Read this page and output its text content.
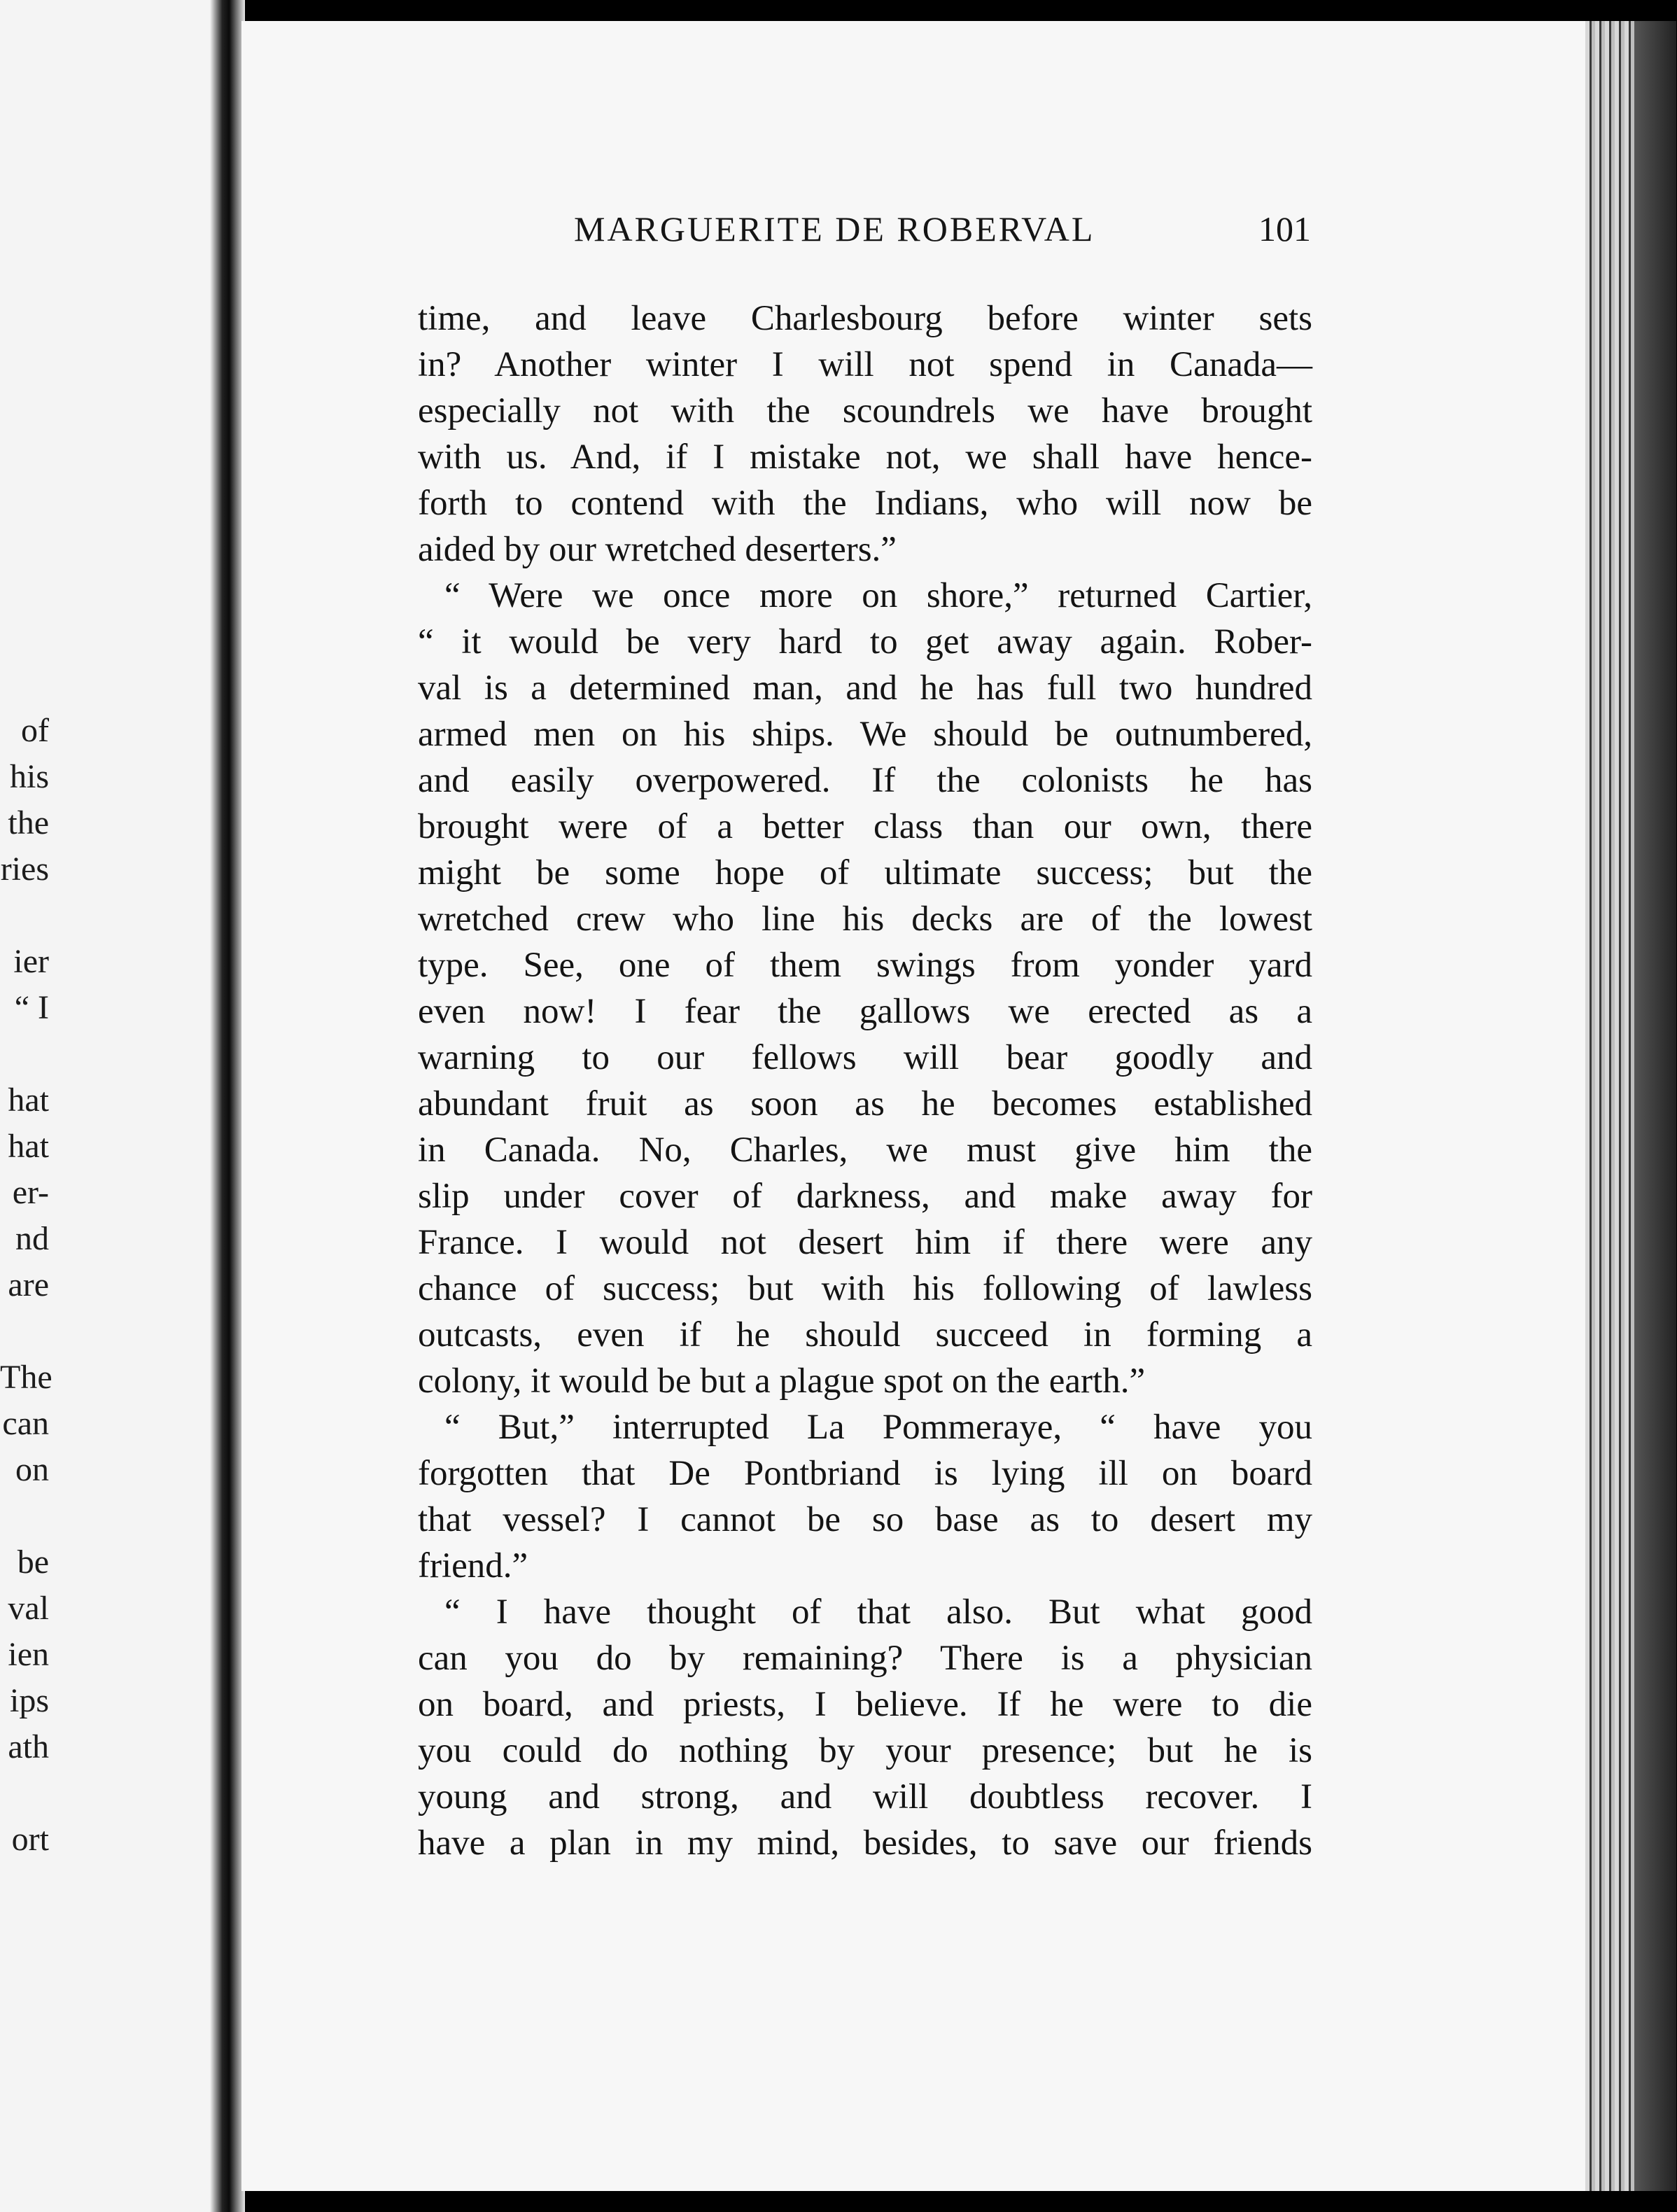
of
his
the
ries
ier
“ I
hat
hat
er-
nd
are
The
can
on
be
val
ien
ips
ath
ort
MARGUERITE DE ROBERVAL	101
time, and leave Charlesbourg before winter sets
in? Another winter I will not spend in Canada—
especially not with the scoundrels we have brought
with us. And, if I mistake not, we shall have hence-
forth to contend with the Indians, who will now be
aided by our wretched deserters.”
“ Were we once more on shore,” returned Cartier,
“ it would be very hard to get away again. Rober-
val is a determined man, and he has full two hundred
armed men on his ships. We should be outnumbered,
and easily overpowered. If the colonists he has
brought were of a better class than our own, there
might be some hope of ultimate success; but the
wretched crew who line his decks are of the lowest
type. See, one of them swings from yonder yard
even now! I fear the gallows we erected as a
warning to our fellows will bear goodly and
abundant fruit as soon as he becomes established
in Canada. No, Charles, we must give him the
slip under cover of darkness, and make away for
France. I would not desert him if there were any
chance of success; but with his following of lawless
outcasts, even if he should succeed in forming a
colony, it would be but a plague spot on the earth.”
“ But,” interrupted La Pommeraye, “ have you
forgotten that De Pontbriand is lying ill on board
that vessel? I cannot be so base as to desert my
friend.”
“ I have thought of that also. But what good
can you do by remaining? There is a physician
on board, and priests, I believe. If he were to die
you could do nothing by your presence; but he is
young and strong, and will doubtless recover. I
have a plan in my mind, besides, to save our friends
